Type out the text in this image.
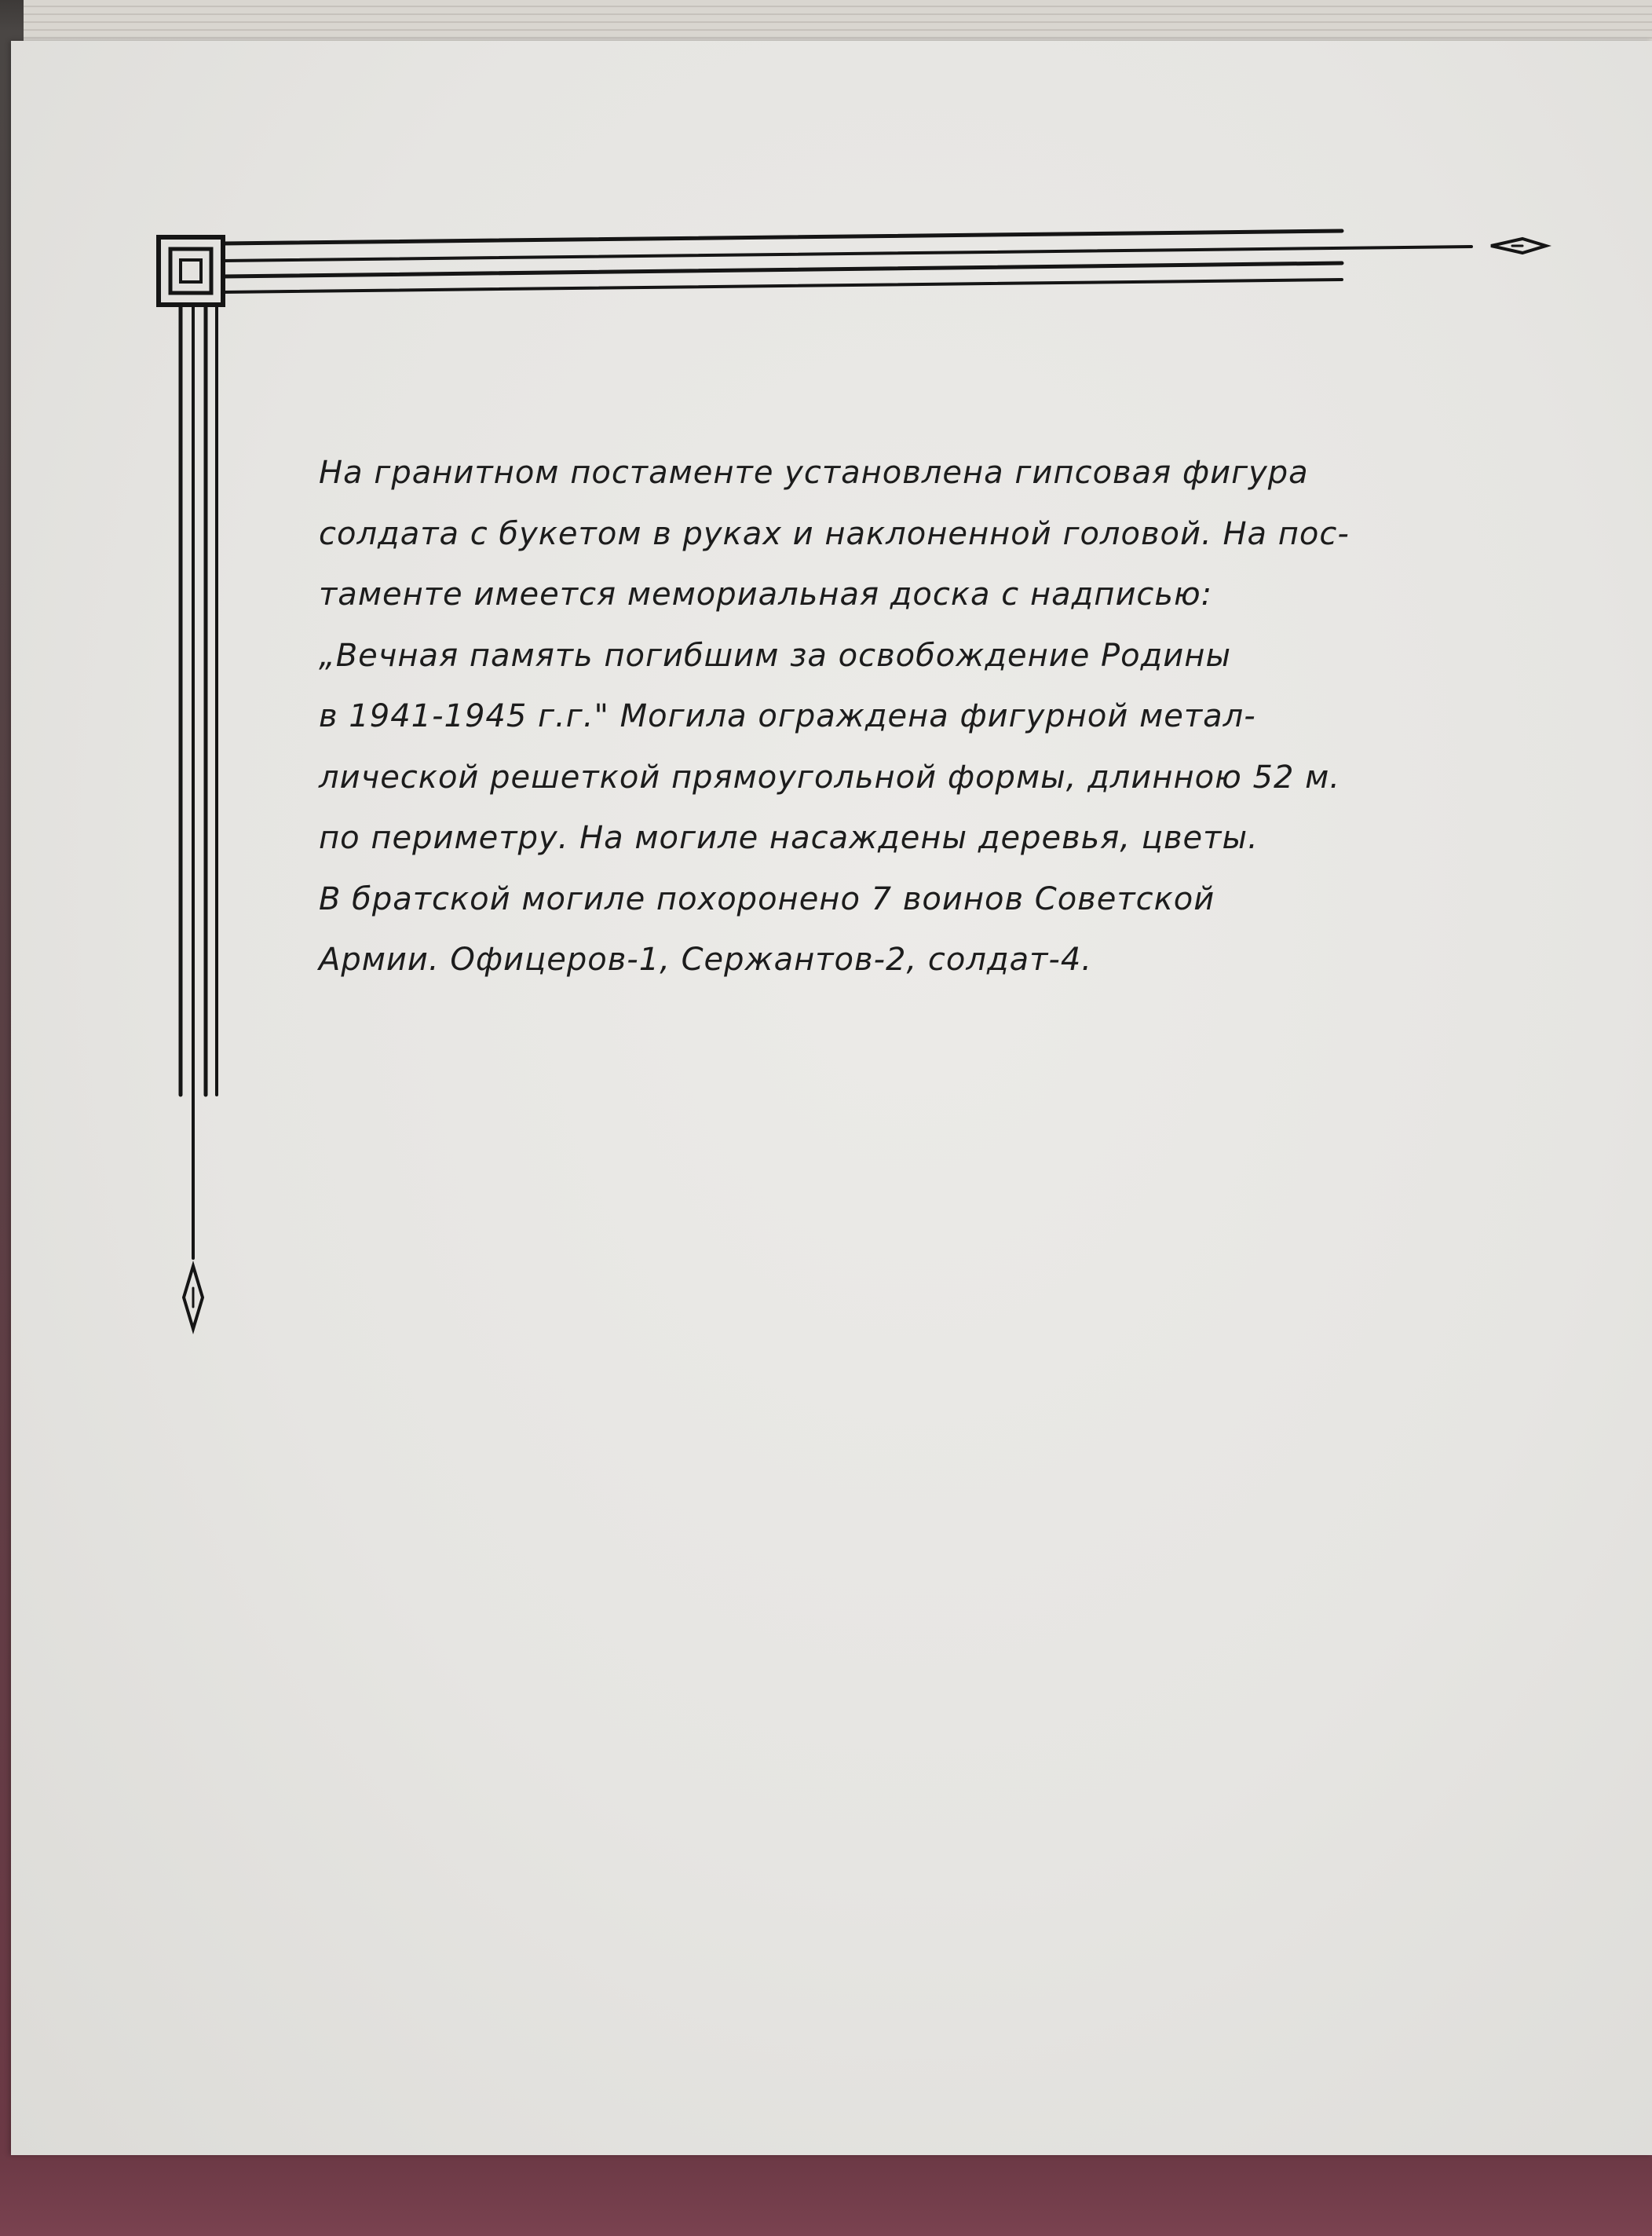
На гранитном постаменте установлена гипсовая фигура
солдата с букетом в руках и наклоненной головой. На пос-
таменте имеется мемориальная доска с надписью:
„Вечная память погибшим за освобождение Родины
в 1941-1945 г.г." Могила ограждена фигурной метал-
лической решеткой прямоугольной формы, длинною 52 м.
по периметру. На могиле насаждены деревья, цветы.
В братской могиле похоронено 7 воинов Советской
Армии. Офицеров-1, Сержантов-2, солдат-4.
